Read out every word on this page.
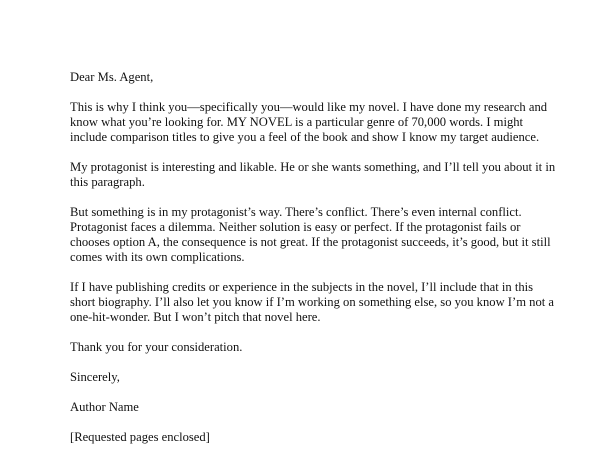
Dear Ms. Agent,

This is why I think you—specifically you—would like my novel. I have done my research and
know what you’re looking for. MY NOVEL is a particular genre of 70,000 words. I might
include comparison titles to give you a feel of the book and show I know my target audience.

My protagonist is interesting and likable. He or she wants something, and I’ll tell you about it in
this paragraph.

But something is in my protagonist’s way. There’s conflict. There’s even internal conflict.
Protagonist faces a dilemma. Neither solution is easy or perfect. If the protagonist fails or
chooses option A, the consequence is not great. If the protagonist succeeds, it’s good, but it still
comes with its own complications.

If I have publishing credits or experience in the subjects in the novel, I’ll include that in this
short biography. I’ll also let you know if I’m working on something else, so you know I’m not a
one-hit-wonder. But I won’t pitch that novel here.

Thank you for your consideration.

Sincerely,

Author Name

[Requested pages enclosed]
